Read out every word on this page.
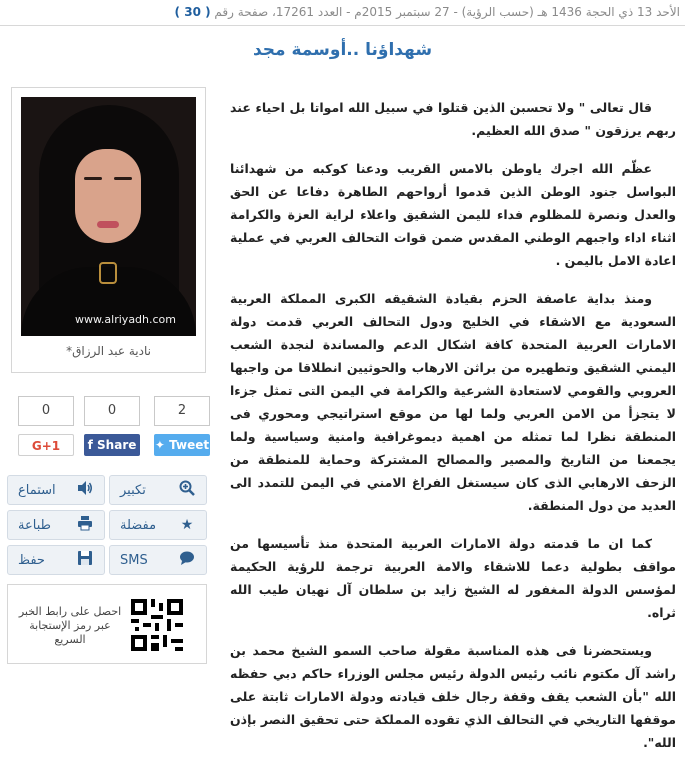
الأحد 13 ذي الحجة 1436 هـ (حسب الرؤية) - 27 سبتمبر 2015م - العدد 17261، صفحة رقم ( 30 )
شهداؤنا ..أوسمة مجد
www.alriyadh.com
نادية عبد الرزاق*
0
G+1
0
f Share
2
✦ Tweet
تكبير
استماع
★
مفضلة
طباعة
SMS
حفظ
احصل على رابط الخبر عبر رمز الإستجابة السريع

قال تعالى " ولا تحسبن الذين قتلوا في سبيل الله امواتا بل احياء عند ربهم يرزقون " صدق الله العظيم.

عظّم الله اجرك ياوطن بالامس القريب ودعنا كوكبه من شهدائنا البواسل جنود الوطن الذين قدموا أرواحهم الطاهرة دفاعا عن الحق والعدل ونصرة للمظلوم فداء لليمن الشقيق واعلاء لراية العزة والكرامة اثناء اداء واجبهم الوطني المقدس ضمن قوات التحالف العربي في عملية اعادة الامل باليمن .

ومنذ بداية عاصفة الحزم بقيادة الشقيقه الكبرى المملكة العربية السعودية مع الاشقاء في الخليج ودول التحالف العربي قدمت دولة الامارات العربية المتحدة كافة اشكال الدعم والمساندة لنجدة الشعب اليمني الشقيق وتطهيره من براثن الارهاب والحوثيين انطلاقا من واجبها العروبي والقومي لاستعادة الشرعية والكرامة في اليمن التى تمثل جزءا لا يتجزأ من الامن العربي ولما لها من موقع استراتيجي ومحوري فى المنطقة نظرا لما تمثله من اهمية ديموغرافية وامنية وسياسية ولما يجمعنا من التاريخ والمصير والمصالح المشتركة وحماية للمنطقة من الزحف الارهابي الذى كان سيستغل الفراغ الامني في اليمن للتمدد الى العديد من دول المنطقة.

كما ان ما قدمته دولة الامارات العربية المتحدة منذ تأسيسها من مواقف بطولية دعما للاشقاء والامة العربية ترجمة للرؤية الحكيمة لمؤسس الدولة المغفور له الشيخ زايد بن سلطان آل نهيان طيب الله ثراه.

ويستحضرنا فى هذه المناسبة مقولة صاحب السمو الشيخ محمد بن راشد آل مكتوم نائب رئيس الدولة رئيس مجلس الوزراء حاكم دبي حفظه الله "بأن الشعب يقف وقفة رجال خلف قيادته ودولة الامارات ثابتة على موقفها التاريخي في التحالف الذي تقوده المملكة حتى تحقيق النصر بإذن الله".
